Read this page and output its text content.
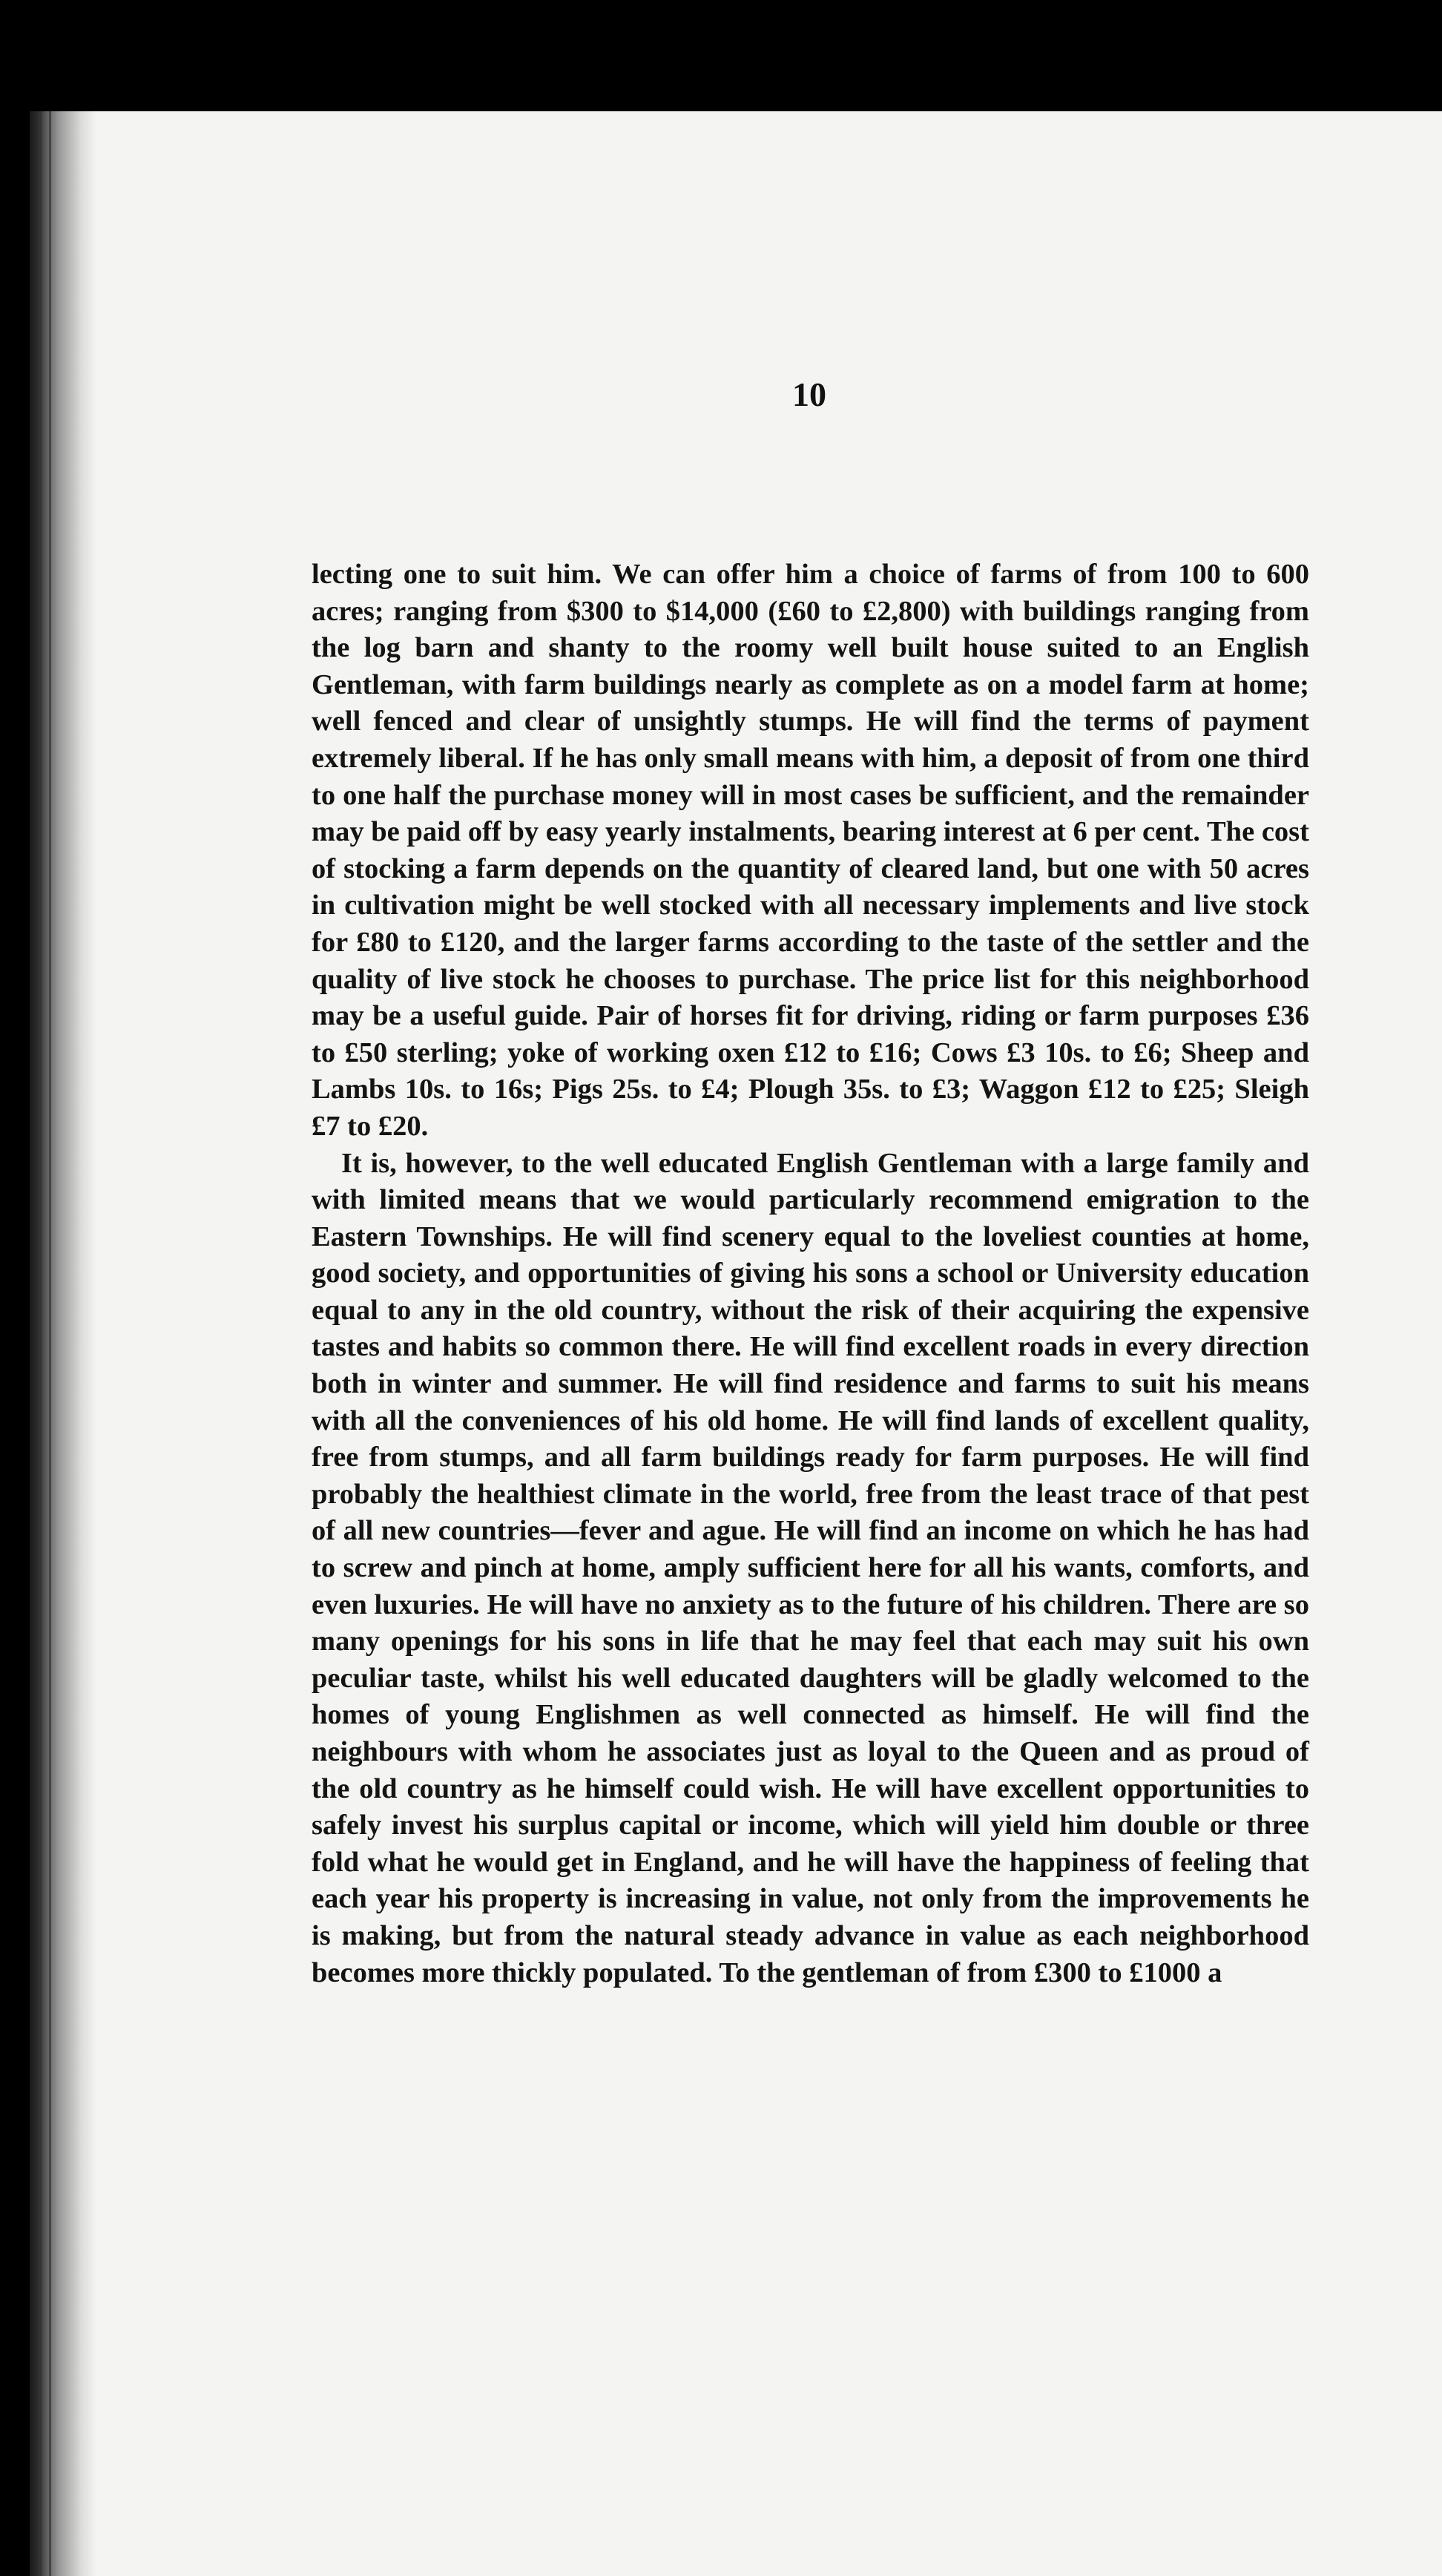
10

lecting one to suit him. We can offer him a choice of farms of from 100 to 600 acres; ranging from $300 to $14,000 (£60 to £2,800) with buildings ranging from the log barn and shanty to the roomy well built house suited to an English Gentleman, with farm buildings nearly as complete as on a model farm at home; well fenced and clear of unsightly stumps. He will find the terms of payment extremely liberal. If he has only small means with him, a deposit of from one third to one half the purchase money will in most cases be sufficient, and the remainder may be paid off by easy yearly instalments, bearing interest at 6 per cent. The cost of stocking a farm depends on the quantity of cleared land, but one with 50 acres in cultivation might be well stocked with all necessary implements and live stock for £80 to £120, and the larger farms according to the taste of the settler and the quality of live stock he chooses to purchase. The price list for this neighborhood may be a useful guide. Pair of horses fit for driving, riding or farm purposes £36 to £50 sterling; yoke of working oxen £12 to £16; Cows £3 10s. to £6; Sheep and Lambs 10s. to 16s; Pigs 25s. to £4; Plough 35s. to £3; Waggon £12 to £25; Sleigh £7 to £20.

It is, however, to the well educated English Gentleman with a large family and with limited means that we would particularly recommend emigration to the Eastern Townships. He will find scenery equal to the loveliest counties at home, good society, and opportunities of giving his sons a school or University education equal to any in the old country, without the risk of their acquiring the expensive tastes and habits so common there. He will find excellent roads in every direction both in winter and summer. He will find residence and farms to suit his means with all the conveniences of his old home. He will find lands of excellent quality, free from stumps, and all farm buildings ready for farm purposes. He will find probably the healthiest climate in the world, free from the least trace of that pest of all new countries—fever and ague. He will find an income on which he has had to screw and pinch at home, amply sufficient here for all his wants, comforts, and even luxuries. He will have no anxiety as to the future of his children. There are so many openings for his sons in life that he may feel that each may suit his own peculiar taste, whilst his well educated daughters will be gladly welcomed to the homes of young Englishmen as well connected as himself. He will find the neighbours with whom he associates just as loyal to the Queen and as proud of the old country as he himself could wish. He will have excellent opportunities to safely invest his surplus capital or income, which will yield him double or three fold what he would get in England, and he will have the happiness of feeling that each year his property is increasing in value, not only from the improvements he is making, but from the natural steady advance in value as each neighborhood becomes more thickly populated. To the gentleman of from £300 to £1000 a
